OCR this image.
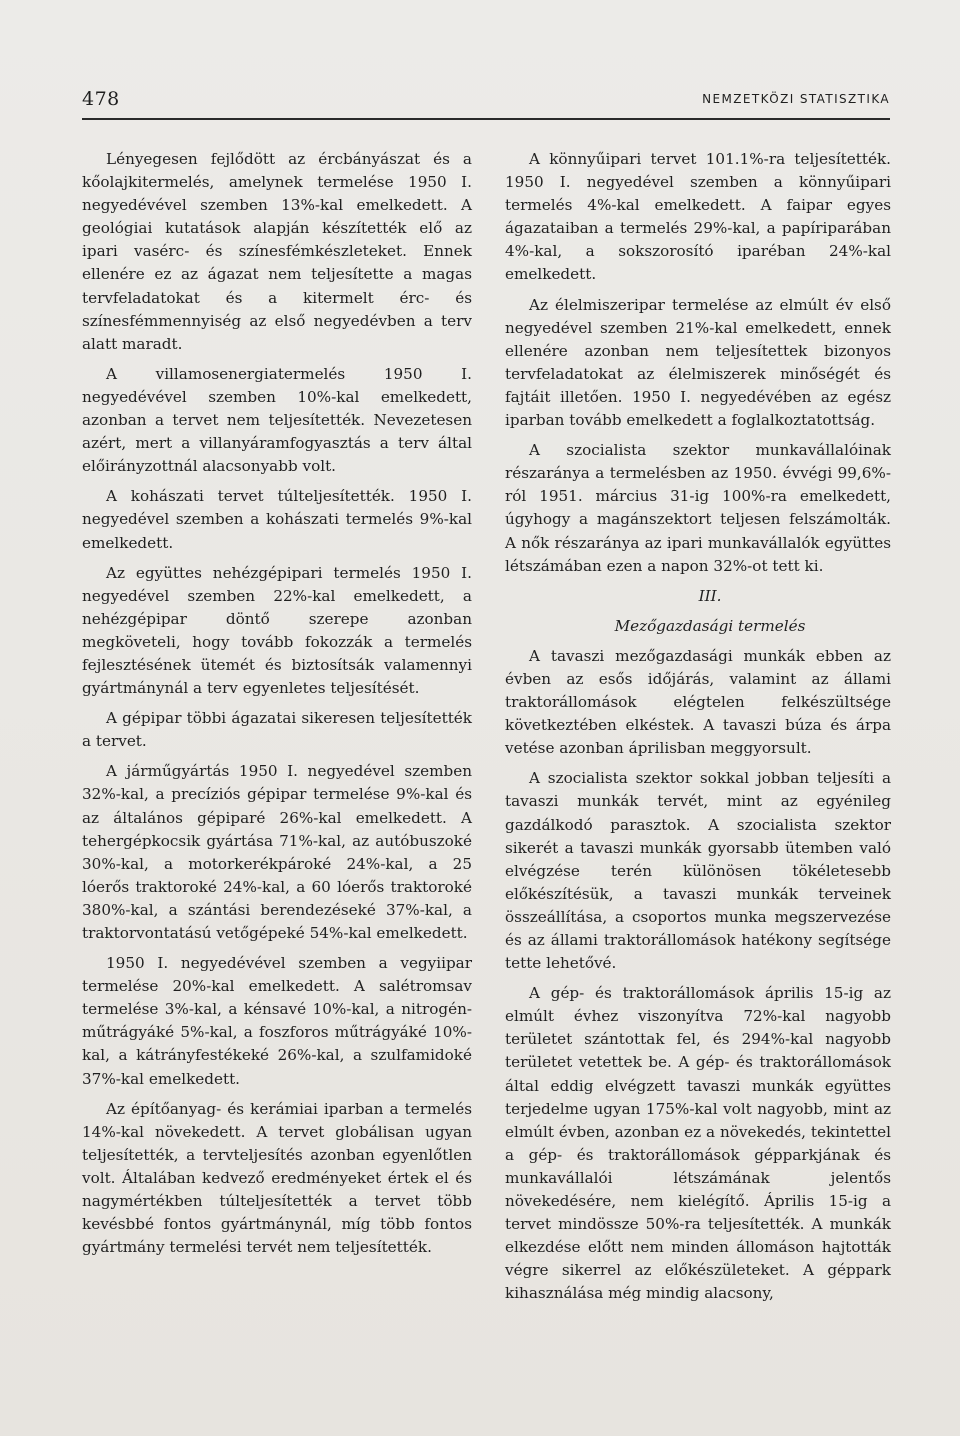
478	NEMZETKÖZI STATISZTIKA

Lényegesen fejlődött az ércbányászat és a kőolajkitermelés, amelynek termelése 1950 I. negyedévével szemben 13%-kal emelkedett. A geológiai kutatások alapján készítették elő az ipari vasérc- és színesfémkészleteket. Ennek ellenére ez az ágazat nem teljesítette a magas tervfeladatokat és a kitermelt érc- és színesfémmennyiség az első negyedévben a terv alatt maradt.

A villamosenergiatermelés 1950 I. negyedévével szemben 10%-kal emelkedett, azonban a tervet nem teljesítették. Nevezetesen azért, mert a villanyáramfogyasztás a terv által előirányzottnál alacsonyabb volt.

A kohászati tervet túlteljesítették. 1950 I. negyedével szemben a kohászati termelés 9%-kal emelkedett.

Az együttes nehézgépipari termelés 1950 I. negyedével szemben 22%-kal emelkedett, a nehézgépipar döntő szerepe azonban megköveteli, hogy tovább fokozzák a termelés fejlesztésének ütemét és biztosítsák valamennyi gyártmánynál a terv egyenletes teljesítését.

A gépipar többi ágazatai sikeresen teljesítették a tervet.

A járműgyártás 1950 I. negyedével szemben 32%-kal, a precíziós gépipar termelése 9%-kal és az általános gépiparé 26%-kal emelkedett. A tehergépkocsik gyártása 71%-kal, az autóbuszoké 30%-kal, a motorkerékpároké 24%-kal, a 25 lóerős traktoroké 24%-kal, a 60 lóerős traktoroké 380%-kal, a szántási berendezéseké 37%-kal, a traktorvontatású vetőgépeké 54%-kal emelkedett.

1950 I. negyedévével szemben a vegyiipar termelése 20%-kal emelkedett. A salétromsav termelése 3%-kal, a kénsavé 10%-kal, a nitrogén-műtrágyáké 5%-kal, a foszforos műtrágyáké 10%-kal, a kátrányfestékeké 26%-kal, a szulfamidoké 37%-kal emelkedett.

Az építőanyag- és kerámiai iparban a termelés 14%-kal növekedett. A tervet globálisan ugyan teljesítették, a tervteljesítés azonban egyenlőtlen volt. Általában kedvező eredményeket értek el és nagymértékben túlteljesítették a tervet több kevésbbé fontos gyártmánynál, míg több fontos gyártmány termelési tervét nem teljesítették.

A könnyűipari tervet 101.1%-ra teljesítették. 1950 I. negyedével szemben a könnyűipari termelés 4%-kal emelkedett. A faipar egyes ágazataiban a termelés 29%-kal, a papíriparában 4%-kal, a sokszorosító iparéban 24%-kal emelkedett.

Az élelmiszeripar termelése az elmúlt év első negyedével szemben 21%-kal emelkedett, ennek ellenére azonban nem teljesítettek bizonyos tervfeladatokat az élelmiszerek minőségét és fajtáit illetően. 1950 I. negyedévében az egész iparban tovább emelkedett a foglalkoztatottság.

A szocialista szektor munkavállalóinak részaránya a termelésben az 1950. évvégi 99,6%-ról 1951. március 31-ig 100%-ra emelkedett, úgyhogy a magánszektort teljesen felszámolták. A nők részaránya az ipari munkavállalók együttes létszámában ezen a napon 32%-ot tett ki.

III.

Mezőgazdasági termelés

A tavaszi mezőgazdasági munkák ebben az évben az esős időjárás, valamint az állami traktorállomások elégtelen felkészültsége következtében elkéstek. A tavaszi búza és árpa vetése azonban áprilisban meggyorsult.

A szocialista szektor sokkal jobban teljesíti a tavaszi munkák tervét, mint az egyénileg gazdálkodó parasztok. A szocialista szektor sikerét a tavaszi munkák gyorsabb ütemben való elvégzése terén különösen tökéletesebb előkészítésük, a tavaszi munkák terveinek összeállítása, a csoportos munka megszervezése és az állami traktorállomások hatékony segítsége tette lehetővé.

A gép- és traktorállomások április 15-ig az elmúlt évhez viszonyítva 72%-kal nagyobb területet szántottak fel, és 294%-kal nagyobb területet vetettek be. A gép- és traktorállomások által eddig elvégzett tavaszi munkák együttes terjedelme ugyan 175%-kal volt nagyobb, mint az elmúlt évben, azonban ez a növekedés, tekintettel a gép- és traktorállomások gépparkjának és munkavállalói létszámának jelentős növekedésére, nem kielégítő. Április 15-ig a tervet mindössze 50%-ra teljesítették. A munkák elkezdése előtt nem minden állomáson hajtották végre sikerrel az előkészületeket. A géppark kihasználása még mindig alacsony,
